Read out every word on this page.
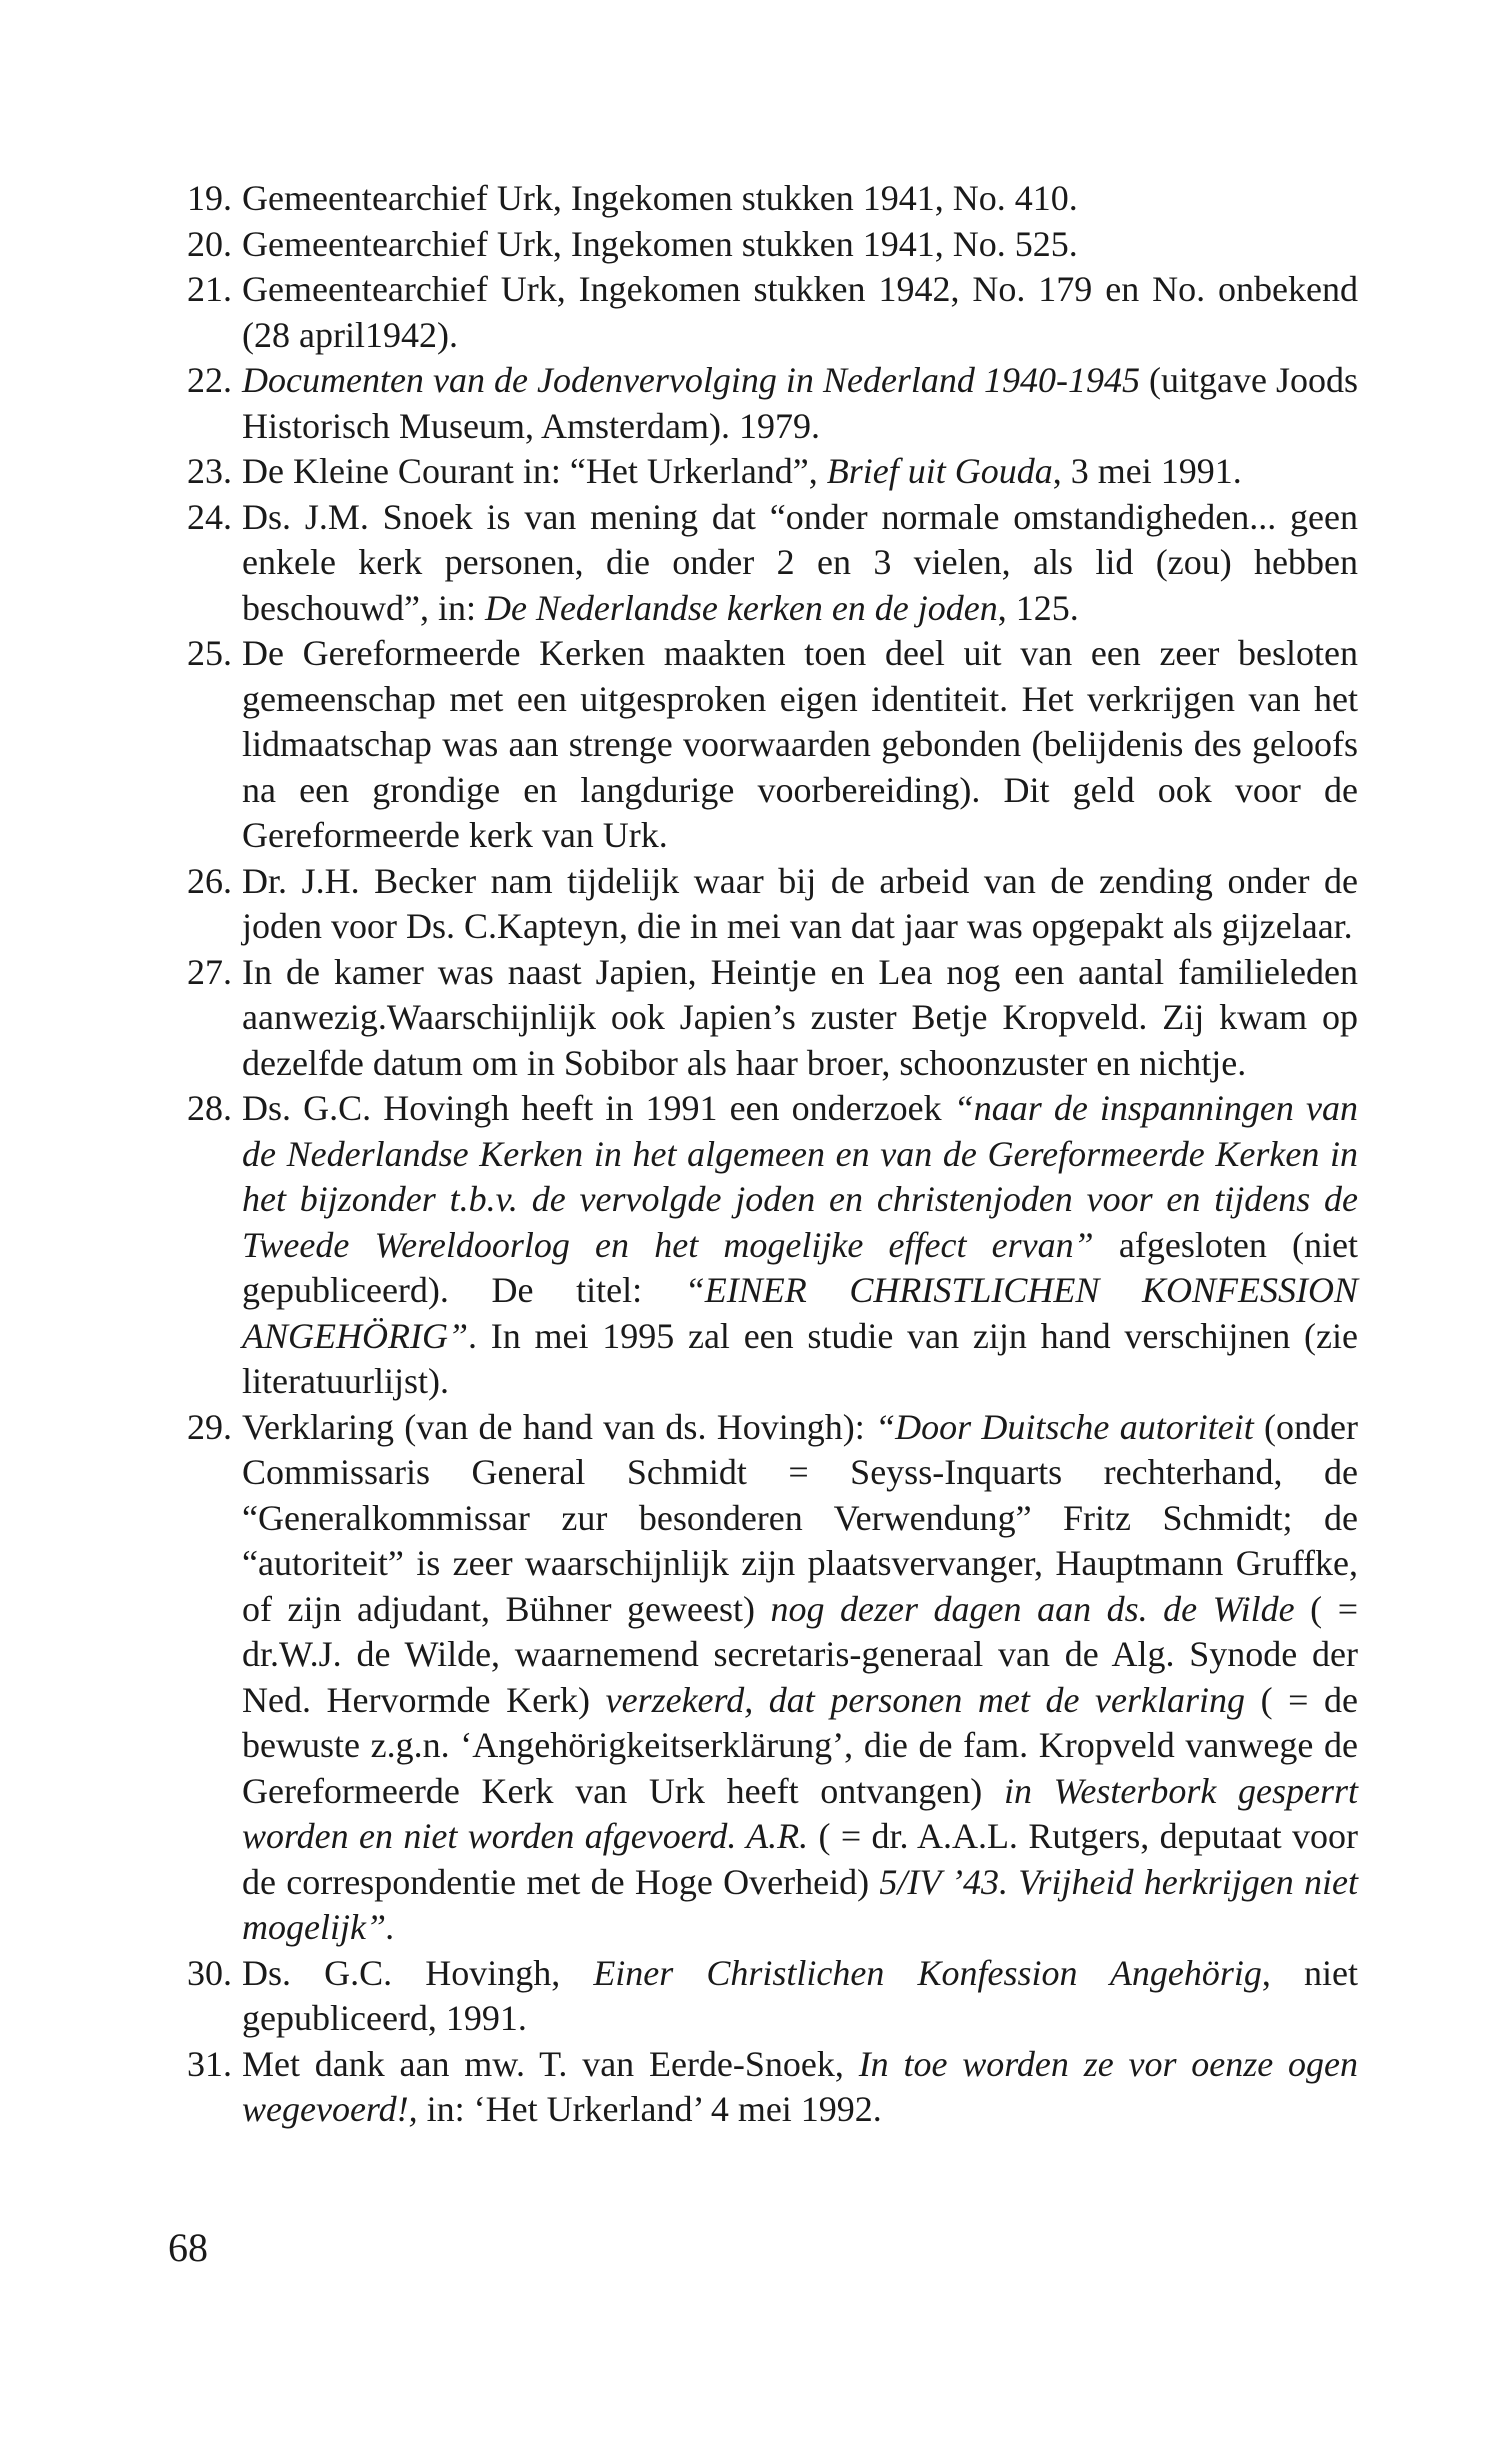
19 . Gemeentearchief Urk, Ingekomen stukken 1941, No. 410.
20 . Gemeentearchief Urk, Ingekomen stukken 1941, No. 525.
21 . Gemeentearchief Urk, Ingekomen stukken 1942, No. 179 en No. onbekend (28 april1942).
22 . Documenten van de Jodenvervolging in Nederland 1940-1945 (uitgave Joods Historisch Museum, Amsterdam). 1979.
23 . De Kleine Courant in: “Het Urkerland”, Brief uit Gouda, 3 mei 1991.
24 . Ds. J.M. Snoek is van mening dat “onder normale omstandigheden... geen enkele kerk personen, die onder 2 en 3 vielen, als lid (zou) hebben beschouwd”, in: De Nederlandse kerken en de joden, 125.
25 . De Gereformeerde Kerken maakten toen deel uit van een zeer besloten gemeenschap met een uitgesproken eigen identiteit. Het verkrijgen van het lidmaatschap was aan strenge voorwaarden gebonden (belijdenis des geloofs na een grondige en langdurige voorbereiding). Dit geld ook voor de Gereformeerde kerk van Urk.
26 . Dr. J.H. Becker nam tijdelijk waar bij de arbeid van de zending onder de joden voor Ds. C.Kapteyn, die in mei van dat jaar was opgepakt als gijzelaar.
27 . In de kamer was naast Japien, Heintje en Lea nog een aantal familieleden aanwezig.Waarschijnlijk ook Japien’s zuster Betje Kropveld. Zij kwam op dezelfde datum om in Sobibor als haar broer, schoonzuster en nichtje.
28 . Ds. G.C. Hovingh heeft in 1991 een onderzoek “naar de inspanningen van de Nederlandse Kerken in het algemeen en van de Gereformeerde Kerken in het bijzonder t.b.v. de vervolgde joden en christenjoden voor en tijdens de Tweede Wereldoorlog en het mogelijke effect ervan” afgesloten (niet gepubliceerd). De titel: “EINER CHRISTLICHEN KONFESSION ANGEHÖRIG”. In mei 1995 zal een studie van zijn hand verschijnen (zie literatuurlijst).
29 . Verklaring (van de hand van ds. Hovingh): “Door Duitsche autoriteit (onder Commissaris General Schmidt = Seyss-Inquarts rechterhand, de “Generalkommissar zur besonderen Verwendung” Fritz Schmidt; de “autoriteit” is zeer waarschijnlijk zijn plaatsvervanger, Hauptmann Gruffke, of zijn adjudant, Bühner geweest) nog dezer dagen aan ds. de Wilde ( = dr.W.J. de Wilde, waarnemend secretaris-generaal van de Alg. Synode der Ned. Hervormde Kerk) verzekerd, dat personen met de verklaring ( = de bewuste z.g.n. ‘Angehörigkeitserklärung’, die de fam. Kropveld vanwege de Gereformeerde Kerk van Urk heeft ontvangen) in Westerbork gesperrt worden en niet worden afgevoerd. A.R. ( = dr. A.A.L. Rutgers, deputaat voor de correspondentie met de Hoge Overheid) 5/IV ’43. Vrijheid herkrijgen niet mogelijk”.
30 . Ds. G.C. Hovingh, Einer Christlichen Konfession Angehörig, niet gepubliceerd, 1991.
31 . Met dank aan mw. T. van Eerde-Snoek, In toe worden ze vor oenze ogen wegevoerd!, in: ‘Het Urkerland’ 4 mei 1992.
68
